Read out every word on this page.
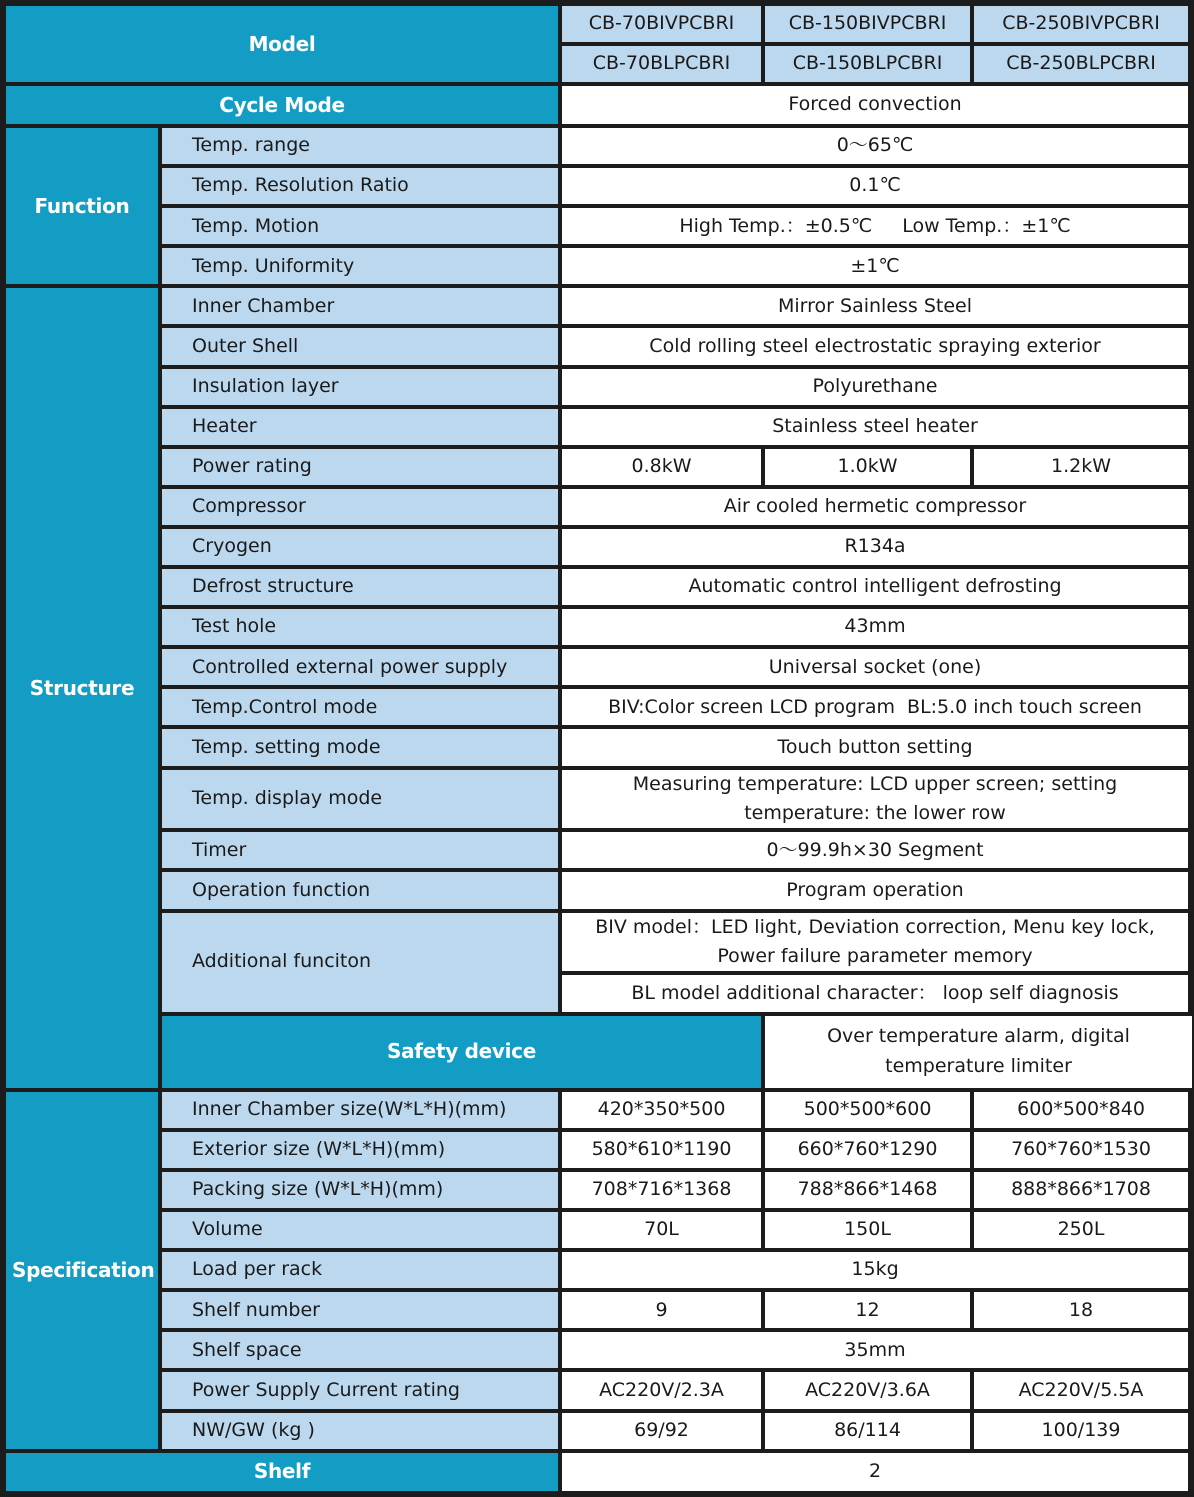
Model		CB-70BIVPCBRI	CB-150BIVPCBRI	CB-250BIVPCBRI
		CB-70BLPCBRI	CB-150BLPCBRI	CB-250BLPCBRI
Cycle Mode		Forced convection		
Function	Temp. range	0～65℃		
	Temp. Resolution Ratio	0.1℃		
	Temp. Motion	High Temp.：±0.5℃ Low Temp.：±1℃		
	Temp. Uniformity	±1℃		
Structure	Inner Chamber	Mirror Sainless Steel		
	Outer Shell	Cold rolling steel electrostatic spraying exterior		
	Insulation layer	Polyurethane		
	Heater	Stainless steel heater		
	Power rating	0.8kW	1.0kW	1.2kW
	Compressor	Air cooled hermetic compressor		
	Cryogen	R134a		
	Defrost structure	Automatic control intelligent defrosting		
	Test hole	43mm		
	Controlled external power supply	Universal socket (one)		
	Temp.Control mode	BIV:Color screen LCD program BL:5.0 inch touch screen		
	Temp. setting mode	Touch button setting		
	Temp. display mode	Measuring temperature: LCD upper screen; setting temperature: the lower row		
	Timer	0～99.9h×30 Segment		
	Operation function	Program operation		
	Additional funciton	BIV model：LED light, Deviation correction, Menu key lock, Power failure parameter memory		
		BL model additional character： loop self diagnosis		
	Safety device		Over temperature alarm, digital temperature limiter	
Specification	Inner Chamber size(W*L*H)(mm)	420*350*500	500*500*600	600*500*840
	Exterior size (W*L*H)(mm)	580*610*1190	660*760*1290	760*760*1530
	Packing size (W*L*H)(mm)	708*716*1368	788*866*1468	888*866*1708
	Volume	70L	150L	250L
	Load per rack	15kg		
	Shelf number	9	12	18
	Shelf space	35mm		
	Power Supply Current rating	AC220V/2.3A	AC220V/3.6A	AC220V/5.5A
	NW/GW (kg )	69/92	86/114	100/139
Shelf		2		
